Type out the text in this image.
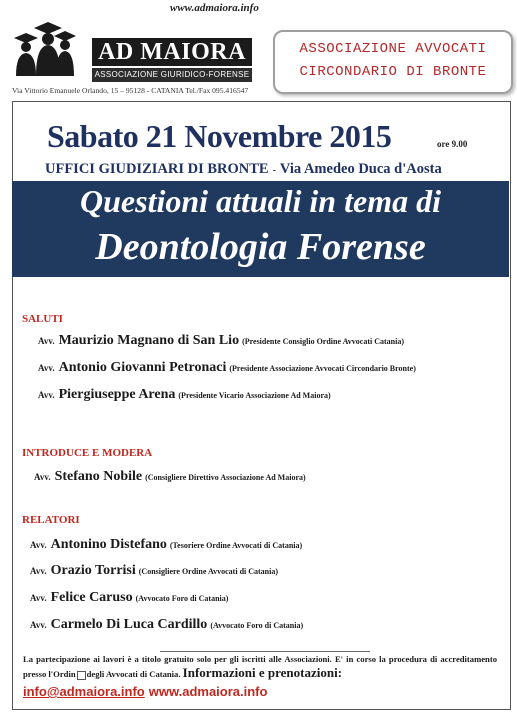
www.admaiora.info
AD MAIORA
ASSOCIAZIONE GIURIDICO-FORENSE
Via Vittorio Emanuele Orlando, 15 – 95128 - CATANIA Tel./Fax 095.416547
ASSOCIAZIONE AVVOCATI
CIRCONDARIO DI BRONTE
Sabato 21 Novembre 2015	ore 9.00
UFFICI GIUDIZIARI DI BRONTE - Via Amedeo Duca d'Aosta
Questioni attuali in tema di
Deontologia Forense
SALUTI
Avv. Maurizio Magnano di San Lio (Presidente Consiglio Ordine Avvocati Catania)
Avv. Antonio Giovanni Petronaci (Presidente Associazione Avvocati Circondario Bronte)
Avv. Piergiuseppe Arena (Presidente Vicario Associazione Ad Maiora)
INTRODUCE E MODERA
Avv. Stefano Nobile (Consigliere Direttivo Associazione Ad Maiora)
RELATORI
Avv. Antonino Distefano (Tesoriere Ordine Avvocati di Catania)
Avv. Orazio Torrisi (Consigliere Ordine Avvocati di Catania)
Avv. Felice Caruso (Avvocato Foro di Catania)
Avv. Carmelo Di Luca Cardillo (Avvocato Foro di Catania)
La partecipazione ai lavori è a titolo gratuito solo per gli iscritti alle Associazioni. E' in corso la procedura di accreditamento presso l'Ordin degli Avvocati di Catania. Informazioni e prenotazioni:
info@admaiora.info www.admaiora.info
